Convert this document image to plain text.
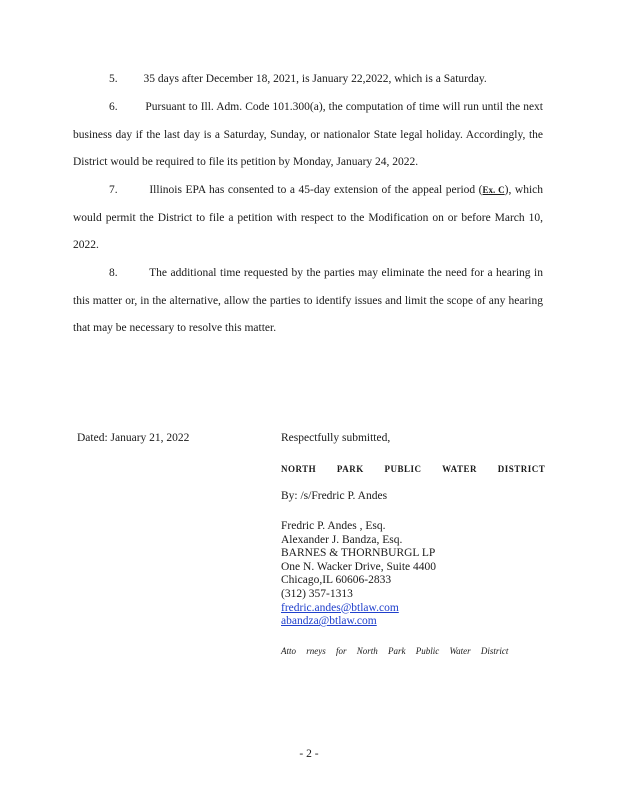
5.         35 days after December 18, 2021, is January 22,2022, which is a Saturday.

6.         Pursuant to Ill. Adm. Code 101.300(a), the computation of time will run until the next business day if the last day is a Saturday, Sunday, or nationalor State legal holiday. Accordingly, the District would be required to file its petition by Monday, January 24, 2022.

7.         Illinois EPA has consented to a 45-day extension of the appeal period (Ex. C), which would permit the District to file a petition with respect to the Modification on or before March 10, 2022.

8.         The additional time requested by the parties may eliminate the need for a hearing in this matter or, in the alternative, allow the parties to identify issues and limit the scope of any hearing that may be necessary to resolve this matter.

Dated: January 21, 2022	Respectfully submitted,
NORTH PARK PUBLIC WATER DISTRICT
By: /s/Fredric P. Andes
Fredric P. Andes , Esq.
Alexander J. Bandza, Esq.
BARNES & THORNBURGL LP
One N. Wacker Drive, Suite 4400
Chicago,IL 60606-2833
(312) 357-1313
fredric.andes@btlaw.com
abandza@btlaw.com
Atto rneys for North Park Public Water District
- 2 -
